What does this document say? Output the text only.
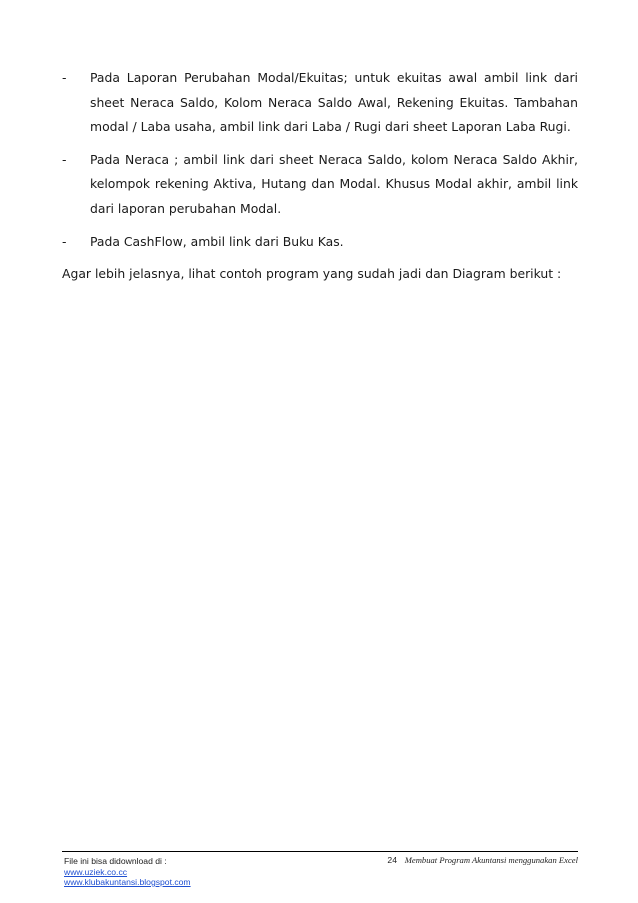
- Pada Laporan Perubahan Modal/Ekuitas; untuk ekuitas awal ambil link dari sheet Neraca Saldo, Kolom Neraca Saldo Awal, Rekening Ekuitas. Tambahan modal / Laba usaha, ambil link dari Laba / Rugi dari sheet Laporan Laba Rugi.
- Pada Neraca ; ambil link dari sheet Neraca Saldo, kolom Neraca Saldo Akhir, kelompok rekening Aktiva, Hutang dan Modal. Khusus Modal akhir, ambil link dari laporan perubahan Modal.
- Pada CashFlow, ambil link dari Buku Kas.
Agar lebih jelasnya, lihat contoh program yang sudah jadi dan Diagram berikut :
File ini bisa didownload di :
www.uziek.co.cc
www.klubakuntansi.blogspot.com
24 Membuat Program Akuntansi menggunakan Excel
